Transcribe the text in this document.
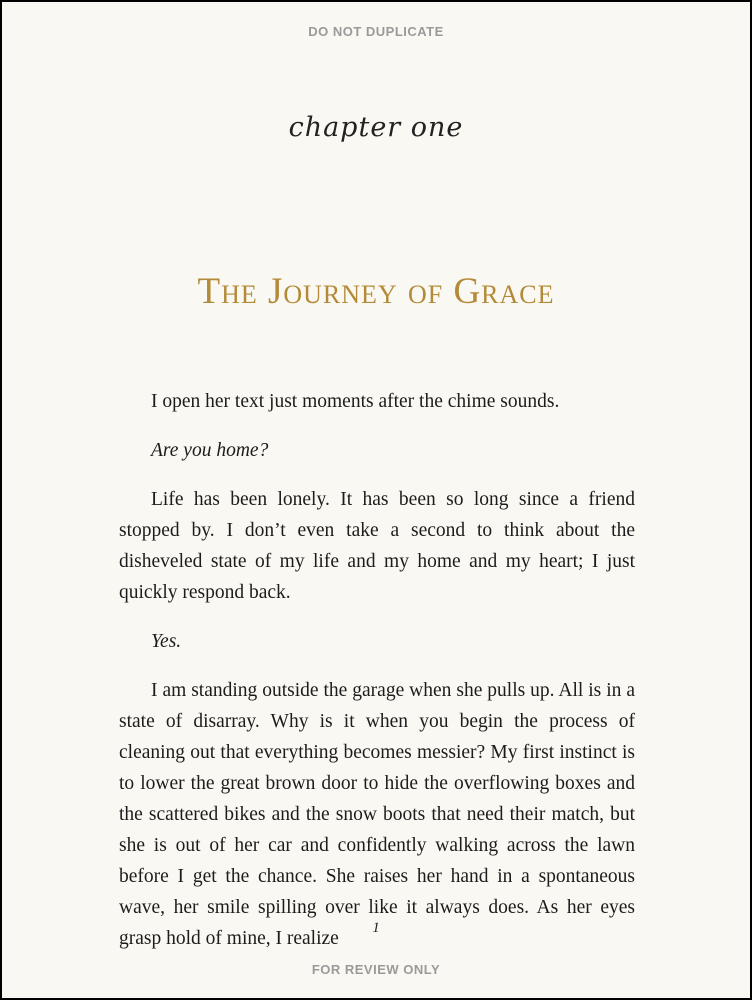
DO NOT DUPLICATE
chapter one
The Journey of Grace

I open her text just moments after the chime sounds.

Are you home?

Life has been lonely. It has been so long since a friend stopped by. I don’t even take a second to think about the disheveled state of my life and my home and my heart; I just quickly respond back.

Yes.

I am standing outside the garage when she pulls up. All is in a state of disarray. Why is it when you begin the process of cleaning out that everything becomes messier? My first instinct is to lower the great brown door to hide the overflowing boxes and the scattered bikes and the snow boots that need their match, but she is out of her car and confidently walking across the lawn before I get the chance. She raises her hand in a spontaneous wave, her smile spilling over like it always does. As her eyes grasp hold of mine, I realize	1
FOR REVIEW ONLY
